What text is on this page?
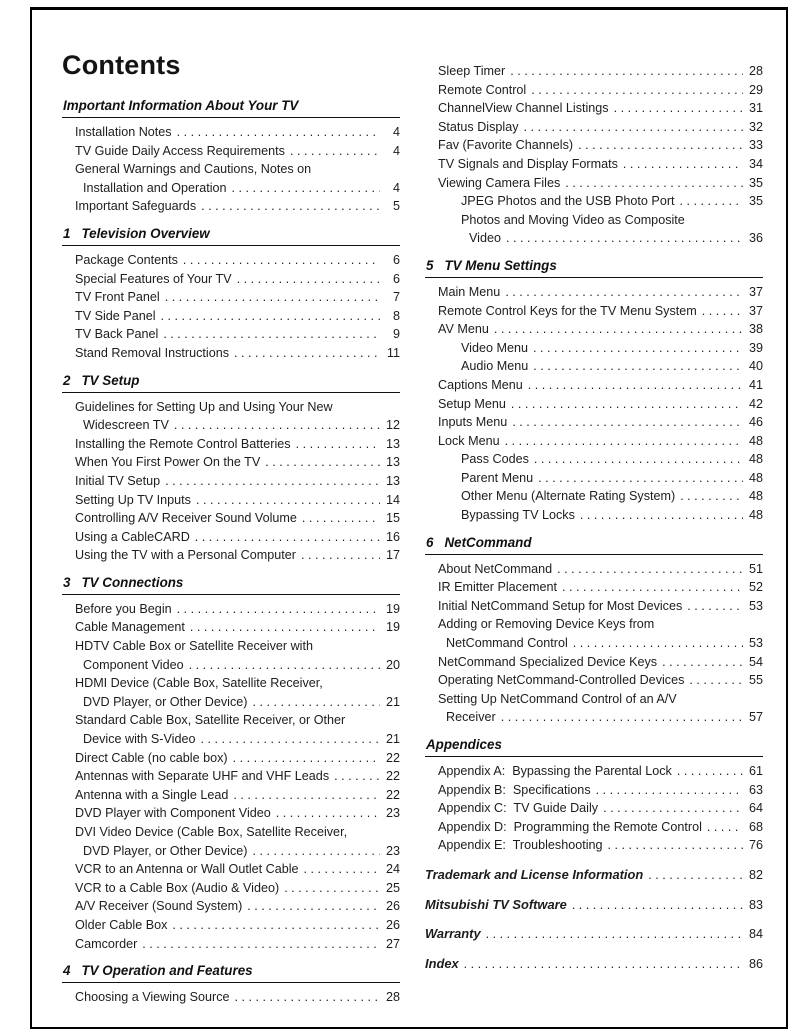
Contents
Important Information About Your TV
Installation Notes . . .	4
TV Guide Daily Access Requirements . . .	4
General Warnings and Cautions, Notes on
Installation and Operation . . .	4
Important Safeguards . . .	5
1 Television Overview
Package Contents . . .	6
Special Features of Your TV . . .	6
TV Front Panel . . .	7
TV Side Panel . . .	8
TV Back Panel . . .	9
Stand Removal Instructions . . .	11
2 TV Setup
Guidelines for Setting Up and Using Your New
Widescreen TV . . .	12
Installing the Remote Control Batteries . . .	13
When You First Power On the TV . . .	13
Initial TV Setup . . .	13
Setting Up TV Inputs . . .	14
Controlling A/V Receiver Sound Volume . . .	15
Using a CableCARD . . .	16
Using the TV with a Personal Computer . . .	17
3 TV Connections
Before you Begin . . .	19
Cable Management . . .	19
HDTV Cable Box or Satellite Receiver with
Component Video . . .	20
HDMI Device (Cable Box, Satellite Receiver,
DVD Player, or Other Device) . . .	21
Standard Cable Box, Satellite Receiver, or Other
Device with S-Video . . .	21
Direct Cable (no cable box) . . .	22
Antennas with Separate UHF and VHF Leads . . .	22
Antenna with a Single Lead . . .	22
DVD Player with Component Video . . .	23
DVI Video Device (Cable Box, Satellite Receiver,
DVD Player, or Other Device) . . .	23
VCR to an Antenna or Wall Outlet Cable . . .	24
VCR to a Cable Box (Audio & Video) . . .	25
A/V Receiver (Sound System) . . .	26
Older Cable Box . . .	26
Camcorder . . .	27
4 TV Operation and Features
Choosing a Viewing Source . . .	28
Sleep Timer . . .	28
Remote Control . . .	29
ChannelView Channel Listings . . .	31
Status Display . . .	32
Fav (Favorite Channels) . . .	33
TV Signals and Display Formats . . .	34
Viewing Camera Files . . .	35
JPEG Photos and the USB Photo Port . . .	35
Photos and Moving Video as Composite
Video . . .	36
5 TV Menu Settings
Main Menu . . .	37
Remote Control Keys for the TV Menu System . . .	37
AV Menu . . .	38
Video Menu . . .	39
Audio Menu . . .	40
Captions Menu . . .	41
Setup Menu . . .	42
Inputs Menu . . .	46
Lock Menu . . .	48
Pass Codes . . .	48
Parent Menu . . .	48
Other Menu (Alternate Rating System) . . .	48
Bypassing TV Locks . . .	48
6 NetCommand
About NetCommand . . .	51
IR Emitter Placement . . .	52
Initial NetCommand Setup for Most Devices . . .	53
Adding or Removing Device Keys from
NetCommand Control . . .	53
NetCommand Specialized Device Keys . . .	54
Operating NetCommand-Controlled Devices . . .	55
Setting Up NetCommand Control of an A/V
Receiver . . .	57
Appendices
Appendix A:  Bypassing the Parental Lock . . .	61
Appendix B:  Specifications . . .	63
Appendix C:  TV Guide Daily . . .	64
Appendix D:  Programming the Remote Control . . .	68
Appendix E:  Troubleshooting . . .	76
Trademark and License Information . . .	82
Mitsubishi TV Software . . .	83
Warranty . . .	84
Index . . .	86
